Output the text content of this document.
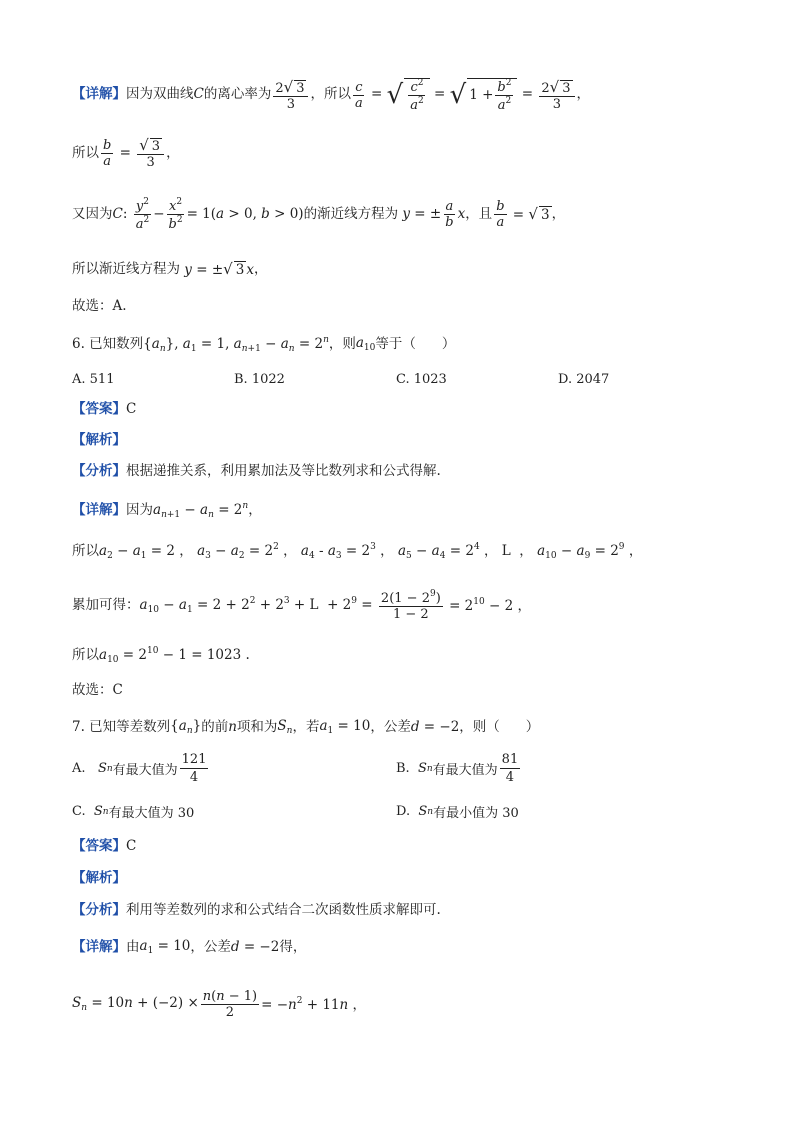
【详解】 因为双曲线 C 的离心率为 $\frac{2√ 3}{3}$ ，所以 $\frac{c}{a}$ = √ $\frac{c^2}{a^2}$ = √ $1 + \frac{b^2}{a^2} = \frac{2√ 3}{3}$ ，
所以 $\frac{b}{a} = \frac{√ 3}{3}$ ，
又因为 C : $\frac{y^2}{a^2} - \frac{x^2}{b^2} = 1(a > 0$, b > 0) 的渐近线方程为 y = ± $\frac{a}{b}$ x ，且 $\frac{b}{a}$ = √ 3 ，
所以渐近线方程为 y = ±√ 3 x ，
故选：A.
6. 已知数列 $\{a_n\}$, $a_1 = 1$, $a_{n+1} - a_n = 2^n$ ，则 $a_{10}$ 等于（ ）
A. 511	B. 1022	C. 1023	D. 2047
【答案】 C
【解析】
【分析】 根据递推关系，利用累加法及等比数列求和公式得解.
【详解】 因为 $a_{n+1} - a_n = 2^n$，
所以 $a_2 - a_1 = 2$ ， $a_3 - a_2 = 2^2$ ， $a_4 - a_3 = 2^3$ ， $a_5 - a_4 = 2^4$ ， L  ， $a_{10} - a_9 = 2^9$ ，
累加可得： $a_{10} - a_1 = 2 + 2^2 + 2^3 + L + 2^9 = \frac{2(1 - 2^9)}{1 - 2} = 2^{10} - 2$ ，
所以 $a_{10} = 2^{10} - 1 = 1023$ .
故选：C
7. 已知等差数列 $\{a_n\}$ 的前 n 项和为 $S_n$ ，若 $a_1 = 10$ ，公差 d = −2 ，则（ ）
A.
S n 有最大值为 $\frac{121}{4}$	B.
S n 有最大值为 $\frac{81}{4}$
C.
S n 有最大值为 30	D.
S n 有最小值为 30
【答案】 C
【解析】
【分析】 利用等差数列的求和公式结合二次函数性质求解即可.
【详解】 由 $a_1 = 10$ ，公差 d = −2 得，
$S_n = 10n + (-2) \times \frac{n(n - 1)}{2} = -n^2 + 11n$ ，
